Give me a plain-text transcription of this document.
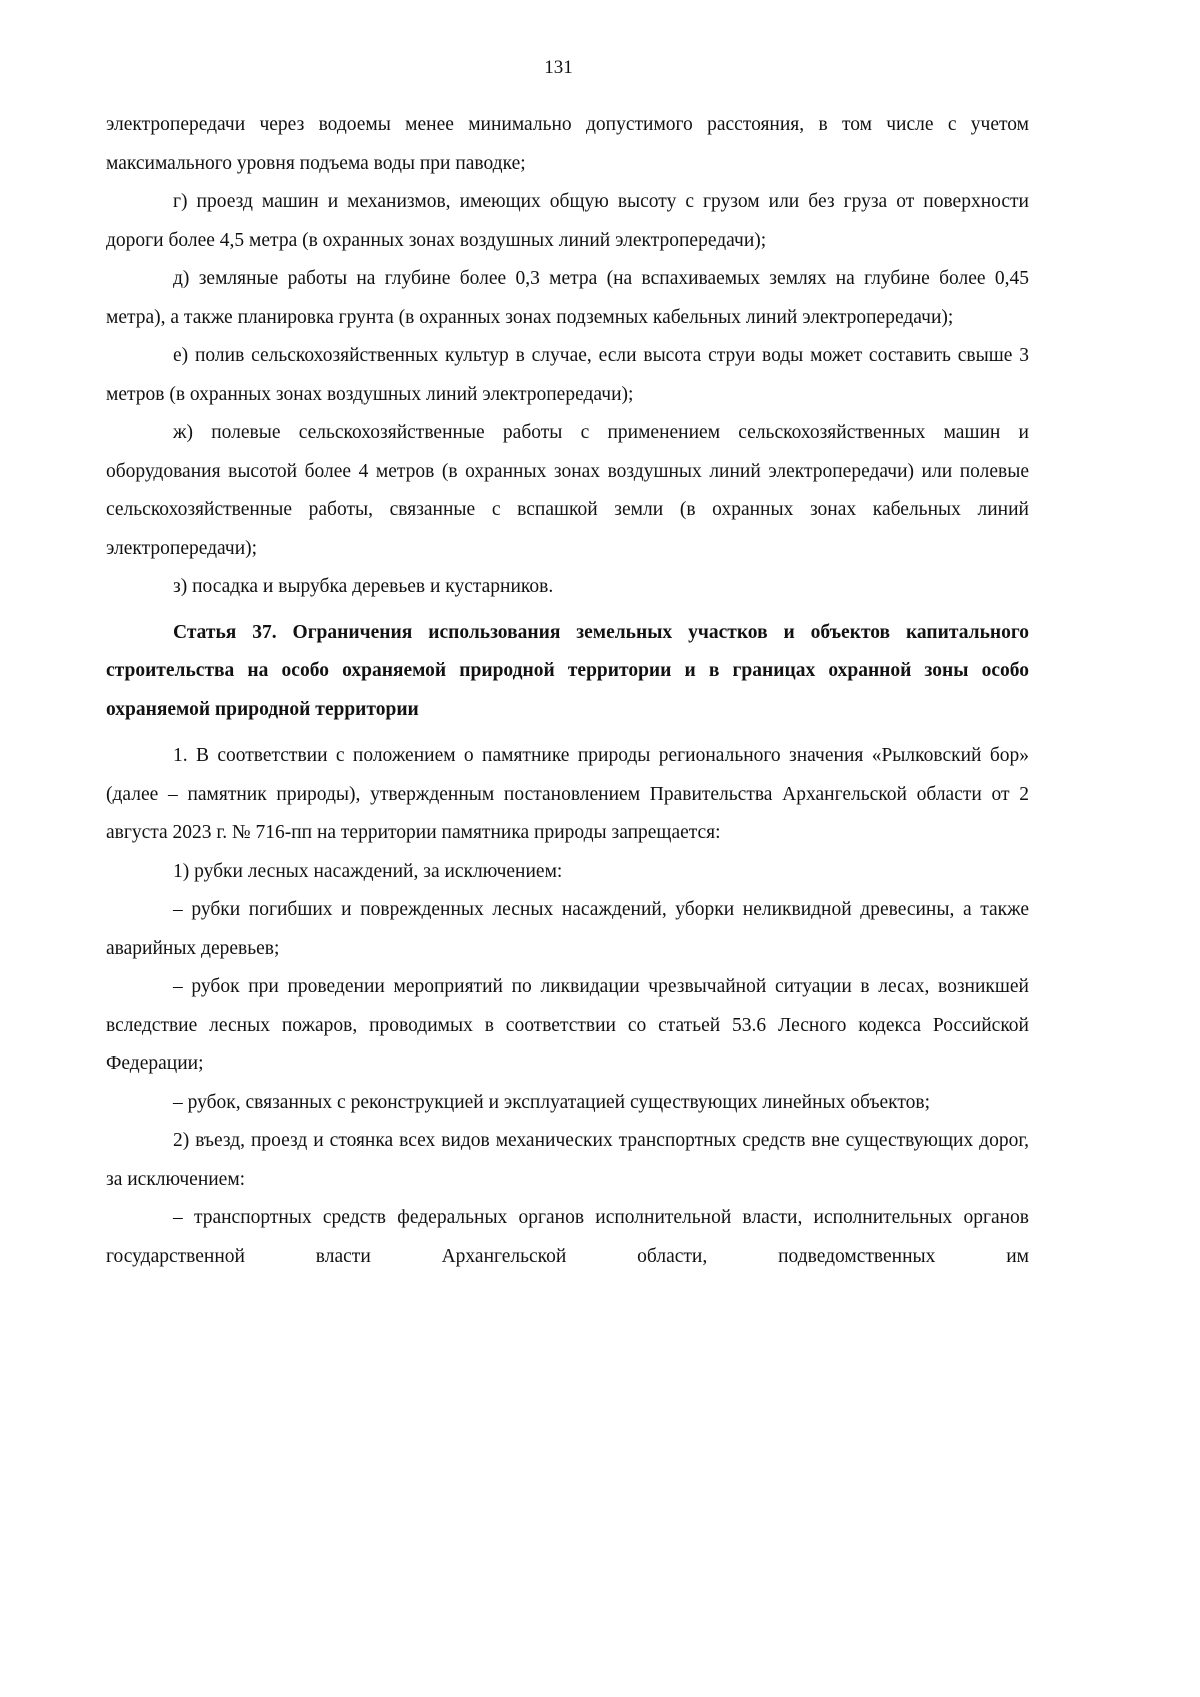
131

электропередачи через водоемы менее минимально допустимого расстояния, в том числе с учетом максимального уровня подъема воды при паводке;

г) проезд машин и механизмов, имеющих общую высоту с грузом или без груза от поверхности дороги более 4,5 метра (в охранных зонах воздушных линий электропередачи);

д) земляные работы на глубине более 0,3 метра (на вспахиваемых землях на глубине более 0,45 метра), а также планировка грунта (в охранных зонах подземных кабельных линий электропередачи);

е) полив сельскохозяйственных культур в случае, если высота струи воды может составить свыше 3 метров (в охранных зонах воздушных линий электропередачи);

ж) полевые сельскохозяйственные работы с применением сельскохозяйственных машин и оборудования высотой более 4 метров (в охранных зонах воздушных линий электропередачи) или полевые сельскохозяйственные работы, связанные с вспашкой земли (в охранных зонах кабельных линий электропередачи);

з) посадка и вырубка деревьев и кустарников.

Статья 37. Ограничения использования земельных участков и объектов капитального строительства на особо охраняемой природной территории и в границах охранной зоны особо охраняемой природной территории

1. В соответствии с положением о памятнике природы регионального значения «Рылковский бор» (далее – памятник природы), утвержденным постановлением Правительства Архангельской области от 2 августа 2023 г. № 716-пп на территории памятника природы запрещается:

1) рубки лесных насаждений, за исключением:

– рубки погибших и поврежденных лесных насаждений, уборки неликвидной древесины, а также аварийных деревьев;

– рубок при проведении мероприятий по ликвидации чрезвычайной ситуации в лесах, возникшей вследствие лесных пожаров, проводимых в соответствии со статьей 53.6 Лесного кодекса Российской Федерации;

– рубок, связанных с реконструкцией и эксплуатацией существующих линейных объектов;

2) въезд, проезд и стоянка всех видов механических транспортных средств вне существующих дорог, за исключением:

– транспортных средств федеральных органов исполнительной власти, исполнительных органов государственной власти Архангельской области, подведомственных им
